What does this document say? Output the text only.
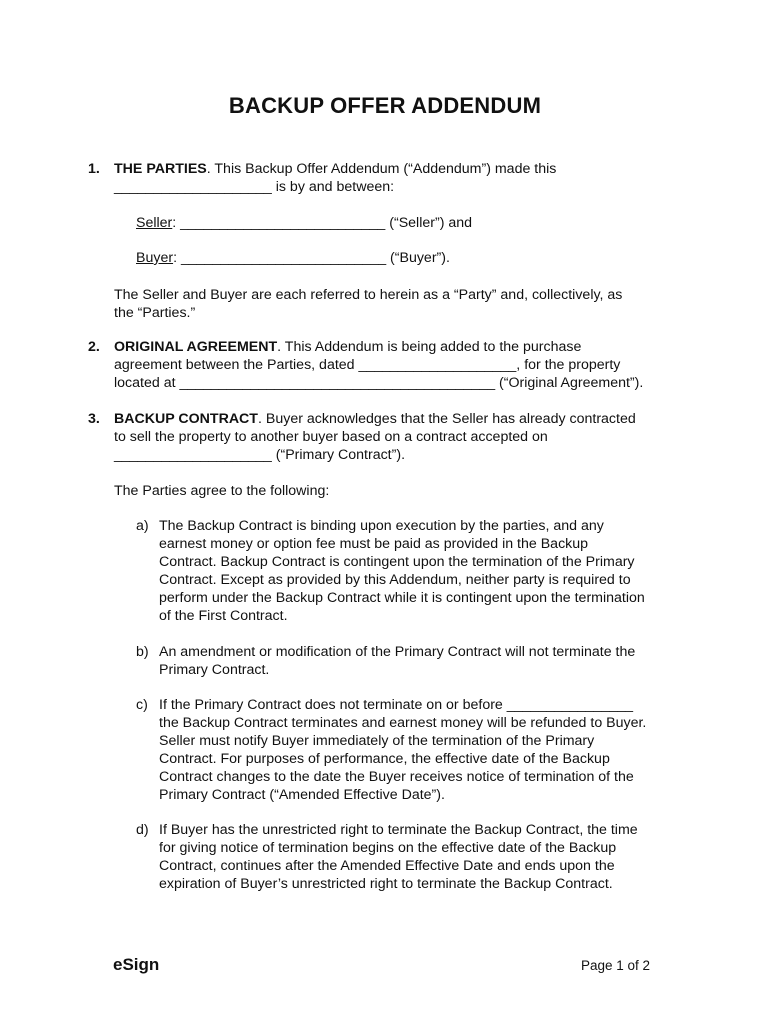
BACKUP OFFER ADDENDUM
1. THE PARTIES. This Backup Offer Addendum (“Addendum”) made this
____________________ is by and between:
Seller: __________________________ (“Seller”) and
Buyer: __________________________ (“Buyer”).
The Seller and Buyer are each referred to herein as a “Party” and, collectively, as
the “Parties.”
2. ORIGINAL AGREEMENT. This Addendum is being added to the purchase
agreement between the Parties, dated ____________________, for the property
located at ________________________________________ (“Original Agreement”).
3. BACKUP CONTRACT. Buyer acknowledges that the Seller has already contracted
to sell the property to another buyer based on a contract accepted on
____________________ (“Primary Contract”).
The Parties agree to the following:
a) The Backup Contract is binding upon execution by the parties, and any
earnest money or option fee must be paid as provided in the Backup
Contract. Backup Contract is contingent upon the termination of the Primary
Contract. Except as provided by this Addendum, neither party is required to
perform under the Backup Contract while it is contingent upon the termination
of the First Contract.
b) An amendment or modification of the Primary Contract will not terminate the
Primary Contract.
c) If the Primary Contract does not terminate on or before ________________
the Backup Contract terminates and earnest money will be refunded to Buyer.
Seller must notify Buyer immediately of the termination of the Primary
Contract. For purposes of performance, the effective date of the Backup
Contract changes to the date the Buyer receives notice of termination of the
Primary Contract (“Amended Effective Date”).
d) If Buyer has the unrestricted right to terminate the Backup Contract, the time
for giving notice of termination begins on the effective date of the Backup
Contract, continues after the Amended Effective Date and ends upon the
expiration of Buyer’s unrestricted right to terminate the Backup Contract.
eSign	Page 1 of 2
